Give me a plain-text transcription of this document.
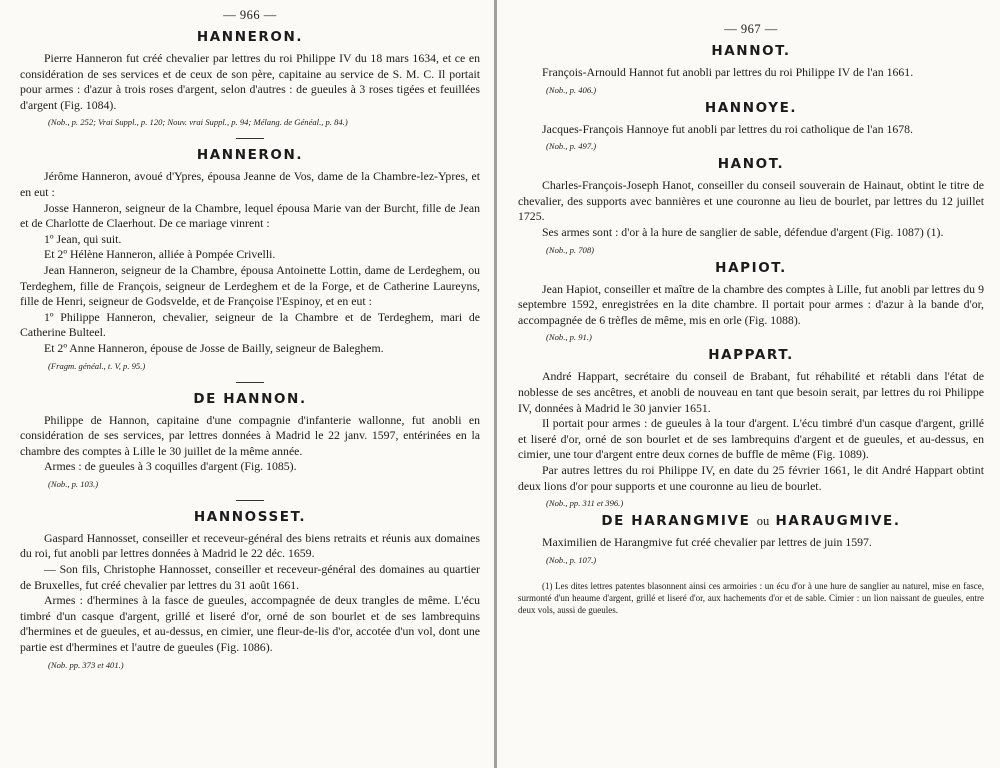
— 966 —
HANNERON.

Pierre Hanneron fut créé chevalier par lettres du roi Philippe IV du 18 mars 1634, et ce en considération de ses services et de ceux de son père, capitaine au service de S. M. C. Il portait pour armes : d'azur à trois roses d'argent, selon d'autres : de gueules à 3 roses tigées et feuillées d'argent (Fig. 1084).

(Nob., p. 252; Vrai Suppl., p. 120; Nouv. vrai Suppl., p. 94; Mélang. de Généal., p. 84.)
HANNERON.

Jérôme Hanneron, avoué d'Ypres, épousa Jeanne de Vos, dame de la Chambre-lez-Ypres, et en eut :

Josse Hanneron, seigneur de la Chambre, lequel épousa Marie van der Burcht, fille de Jean et de Charlotte de Claerhout. De ce mariage vinrent :

1º Jean, qui suit.

Et 2º Hélène Hanneron, alliée à Pompée Crivelli.

Jean Hanneron, seigneur de la Chambre, épousa Antoinette Lottin, dame de Lerdeghem, ou Terdeghem, fille de François, seigneur de Lerdeghem et de la Forge, et de Catherine Laureyns, fille de Henri, seigneur de Godsvelde, et de Françoise l'Espinoy, et en eut :

1º Philippe Hanneron, chevalier, seigneur de la Chambre et de Terdeghem, mari de Catherine Bulteel.

Et 2º Anne Hanneron, épouse de Josse de Bailly, seigneur de Baleghem.

(Fragm. généal., t. V, p. 95.)
DE HANNON.

Philippe de Hannon, capitaine d'une compagnie d'infanterie wallonne, fut anobli en considération de ses services, par lettres données à Madrid le 22 janv. 1597, entérinées en la chambre des comptes à Lille le 30 juillet de la même année.

Armes : de gueules à 3 coquilles d'argent (Fig. 1085).

(Nob., p. 103.)
HANNOSSET.

Gaspard Hannosset, conseiller et receveur-général des biens retraits et réunis aux domaines du roi, fut anobli par lettres données à Madrid le 22 déc. 1659.

— Son fils, Christophe Hannosset, conseiller et receveur-général des domaines au quartier de Bruxelles, fut créé chevalier par lettres du 31 août 1661.

Armes : d'hermines à la fasce de gueules, accompagnée de deux trangles de même. L'écu timbré d'un casque d'argent, grillé et liseré d'or, orné de son bourlet et de ses lambrequins d'hermines et de gueules, et au-dessus, en cimier, une fleur-de-lis d'or, accotée d'un vol, dont une partie est d'hermines et l'autre de gueules (Fig. 1086).

(Nob. pp. 373 et 401.)
— 967 —
HANNOT.

François-Arnould Hannot fut anobli par lettres du roi Philippe IV de l'an 1661.

(Nob., p. 406.)
HANNOYE.

Jacques-François Hannoye fut anobli par lettres du roi catholique de l'an 1678.

(Nob., p. 497.)
HANOT.

Charles-François-Joseph Hanot, conseiller du conseil souverain de Hainaut, obtint le titre de chevalier, des supports avec bannières et une couronne au lieu de bourlet, par lettres du 12 juillet 1725.

Ses armes sont : d'or à la hure de sanglier de sable, défendue d'argent (Fig. 1087) (1).

(Nob., p. 708)
HAPIOT.

Jean Hapiot, conseiller et maître de la chambre des comptes à Lille, fut anobli par lettres du 9 septembre 1592, enregistrées en la dite chambre. Il portait pour armes : d'azur à la bande d'or, accompagnée de 6 trèfles de même, mis en orle (Fig. 1088).

(Nob., p. 91.)
HAPPART.

André Happart, secrétaire du conseil de Brabant, fut réhabilité et rétabli dans l'état de noblesse de ses ancêtres, et anobli de nouveau en tant que besoin serait, par lettres du roi Philippe IV, données à Madrid le 30 janvier 1651.

Il portait pour armes : de gueules à la tour d'argent. L'écu timbré d'un casque d'argent, grillé et liseré d'or, orné de son bourlet et de ses lambrequins d'argent et de gueules, et au-dessus, en cimier, une tour d'argent entre deux cornes de buffle de même (Fig. 1089).

Par autres lettres du roi Philippe IV, en date du 25 février 1661, le dit André Happart obtint deux lions d'or pour supports et une couronne au lieu de bourlet.

(Nob., pp. 311 et 396.)
DE HARANGMIVE ou HARAUGMIVE.

Maximilien de Harangmive fut créé chevalier par lettres de juin 1597.

(Nob., p. 107.)
(1) Les dites lettres patentes blasonnent ainsi ces armoiries : un écu d'or à une hure de sanglier au naturel, mise en fasce, surmonté d'un heaume d'argent, grillé et liseré d'or, aux hachements d'or et de sable. Cimier : un lion naissant de gueules, entre deux vols, aussi de gueules.
